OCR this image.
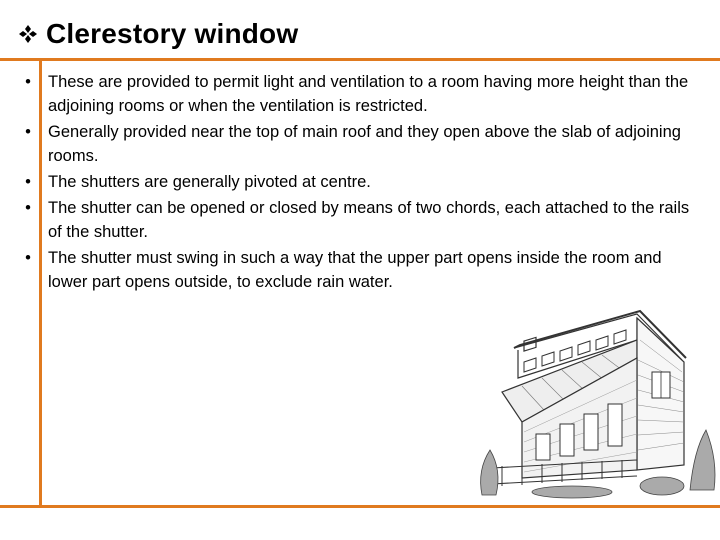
Clerestory window
• These are provided to permit light and ventilation to a room having more height than the adjoining rooms or when the ventilation is restricted.
• Generally provided near the top of main roof and they open above the slab of adjoining rooms.
• The shutters are generally pivoted at centre.
• The shutter can be opened or closed by means of two chords, each attached to the rails of the shutter.
• The shutter must swing in such a way that the upper part opens inside the room and lower part opens outside, to exclude rain water.
